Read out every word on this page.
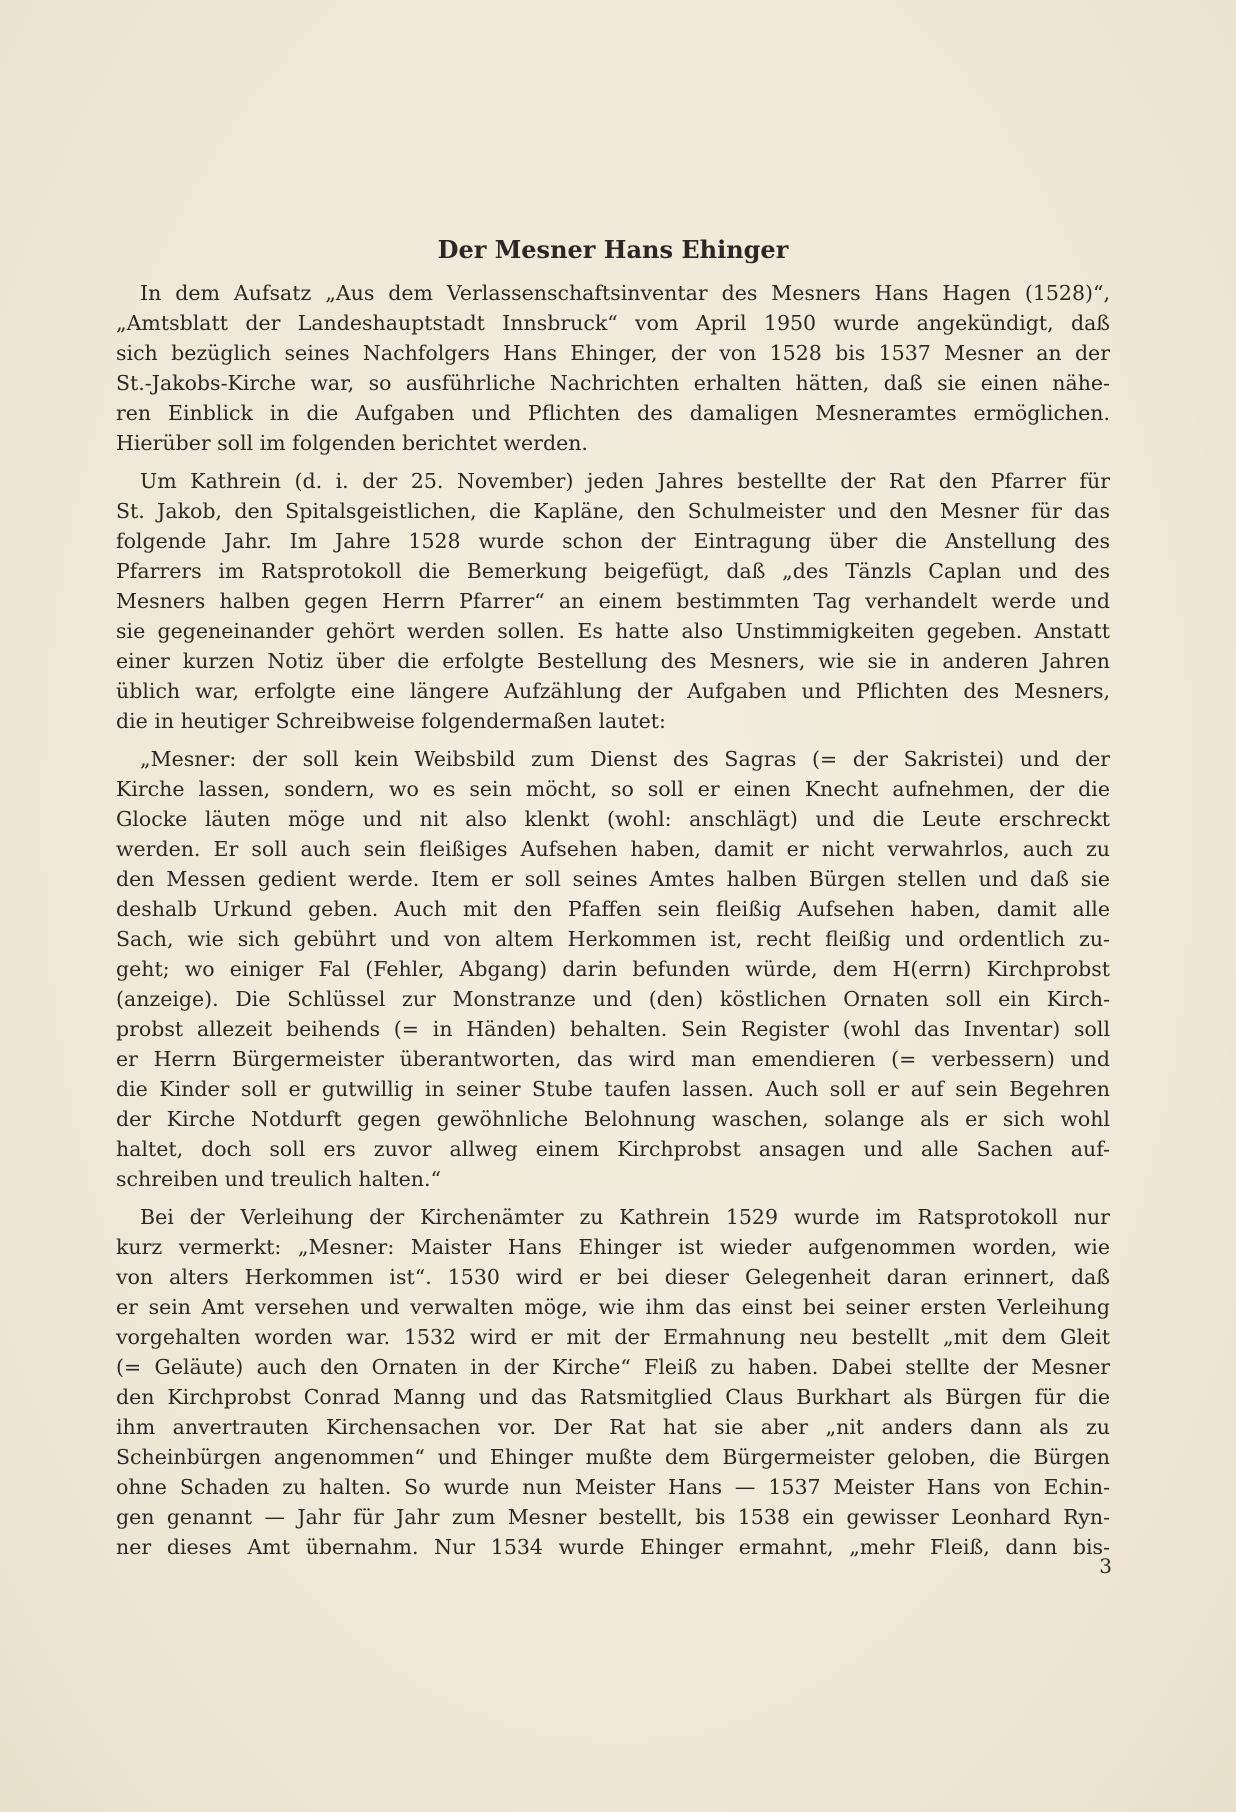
Der Mesner Hans Ehinger
In dem Aufsatz „Aus dem Verlassenschaftsinventar des Mesners Hans Hagen (1528)“,
„Amtsblatt der Landeshauptstadt Innsbruck“ vom April 1950 wurde angekündigt, daß
sich bezüglich seines Nachfolgers Hans Ehinger, der von 1528 bis 1537 Mesner an der
St.-Jakobs-Kirche war, so ausführliche Nachrichten erhalten hätten, daß sie einen nähe-
ren Einblick in die Aufgaben und Pflichten des damaligen Mesneramtes ermöglichen.
Hierüber soll im folgenden berichtet werden.
Um Kathrein (d. i. der 25. November) jeden Jahres bestellte der Rat den Pfarrer für
St. Jakob, den Spitalsgeistlichen, die Kapläne, den Schulmeister und den Mesner für das
folgende Jahr. Im Jahre 1528 wurde schon der Eintragung über die Anstellung des
Pfarrers im Ratsprotokoll die Bemerkung beigefügt, daß „des Tänzls Caplan und des
Mesners halben gegen Herrn Pfarrer“ an einem bestimmten Tag verhandelt werde und
sie gegeneinander gehört werden sollen. Es hatte also Unstimmigkeiten gegeben. Anstatt
einer kurzen Notiz über die erfolgte Bestellung des Mesners, wie sie in anderen Jahren
üblich war, erfolgte eine längere Aufzählung der Aufgaben und Pflichten des Mesners,
die in heutiger Schreibweise folgendermaßen lautet:
„Mesner: der soll kein Weibsbild zum Dienst des Sagras (= der Sakristei) und der
Kirche lassen, sondern, wo es sein möcht, so soll er einen Knecht aufnehmen, der die
Glocke läuten möge und nit also klenkt (wohl: anschlägt) und die Leute erschreckt
werden. Er soll auch sein fleißiges Aufsehen haben, damit er nicht verwahrlos, auch zu
den Messen gedient werde. Item er soll seines Amtes halben Bürgen stellen und daß sie
deshalb Urkund geben. Auch mit den Pfaffen sein fleißig Aufsehen haben, damit alle
Sach, wie sich gebührt und von altem Herkommen ist, recht fleißig und ordentlich zu-
geht; wo einiger Fal (Fehler, Abgang) darin befunden würde, dem H(errn) Kirchprobst
(anzeige). Die Schlüssel zur Monstranze und (den) köstlichen Ornaten soll ein Kirch-
probst allezeit beihends (= in Händen) behalten. Sein Register (wohl das Inventar) soll
er Herrn Bürgermeister überantworten, das wird man emendieren (= verbessern) und
die Kinder soll er gutwillig in seiner Stube taufen lassen. Auch soll er auf sein Begehren
der Kirche Notdurft gegen gewöhnliche Belohnung waschen, solange als er sich wohl
haltet, doch soll ers zuvor allweg einem Kirchprobst ansagen und alle Sachen auf-
schreiben und treulich halten.“
Bei der Verleihung der Kirchenämter zu Kathrein 1529 wurde im Ratsprotokoll nur
kurz vermerkt: „Mesner: Maister Hans Ehinger ist wieder aufgenommen worden, wie
von alters Herkommen ist“. 1530 wird er bei dieser Gelegenheit daran erinnert, daß
er sein Amt versehen und verwalten möge, wie ihm das einst bei seiner ersten Verleihung
vorgehalten worden war. 1532 wird er mit der Ermahnung neu bestellt „mit dem Gleit
(= Geläute) auch den Ornaten in der Kirche“ Fleiß zu haben. Dabei stellte der Mesner
den Kirchprobst Conrad Manng und das Ratsmitglied Claus Burkhart als Bürgen für die
ihm anvertrauten Kirchensachen vor. Der Rat hat sie aber „nit anders dann als zu
Scheinbürgen angenommen“ und Ehinger mußte dem Bürgermeister geloben, die Bürgen
ohne Schaden zu halten. So wurde nun Meister Hans — 1537 Meister Hans von Echin-
gen genannt — Jahr für Jahr zum Mesner bestellt, bis 1538 ein gewisser Leonhard Ryn-
ner dieses Amt übernahm. Nur 1534 wurde Ehinger ermahnt, „mehr Fleiß, dann bis-
3
